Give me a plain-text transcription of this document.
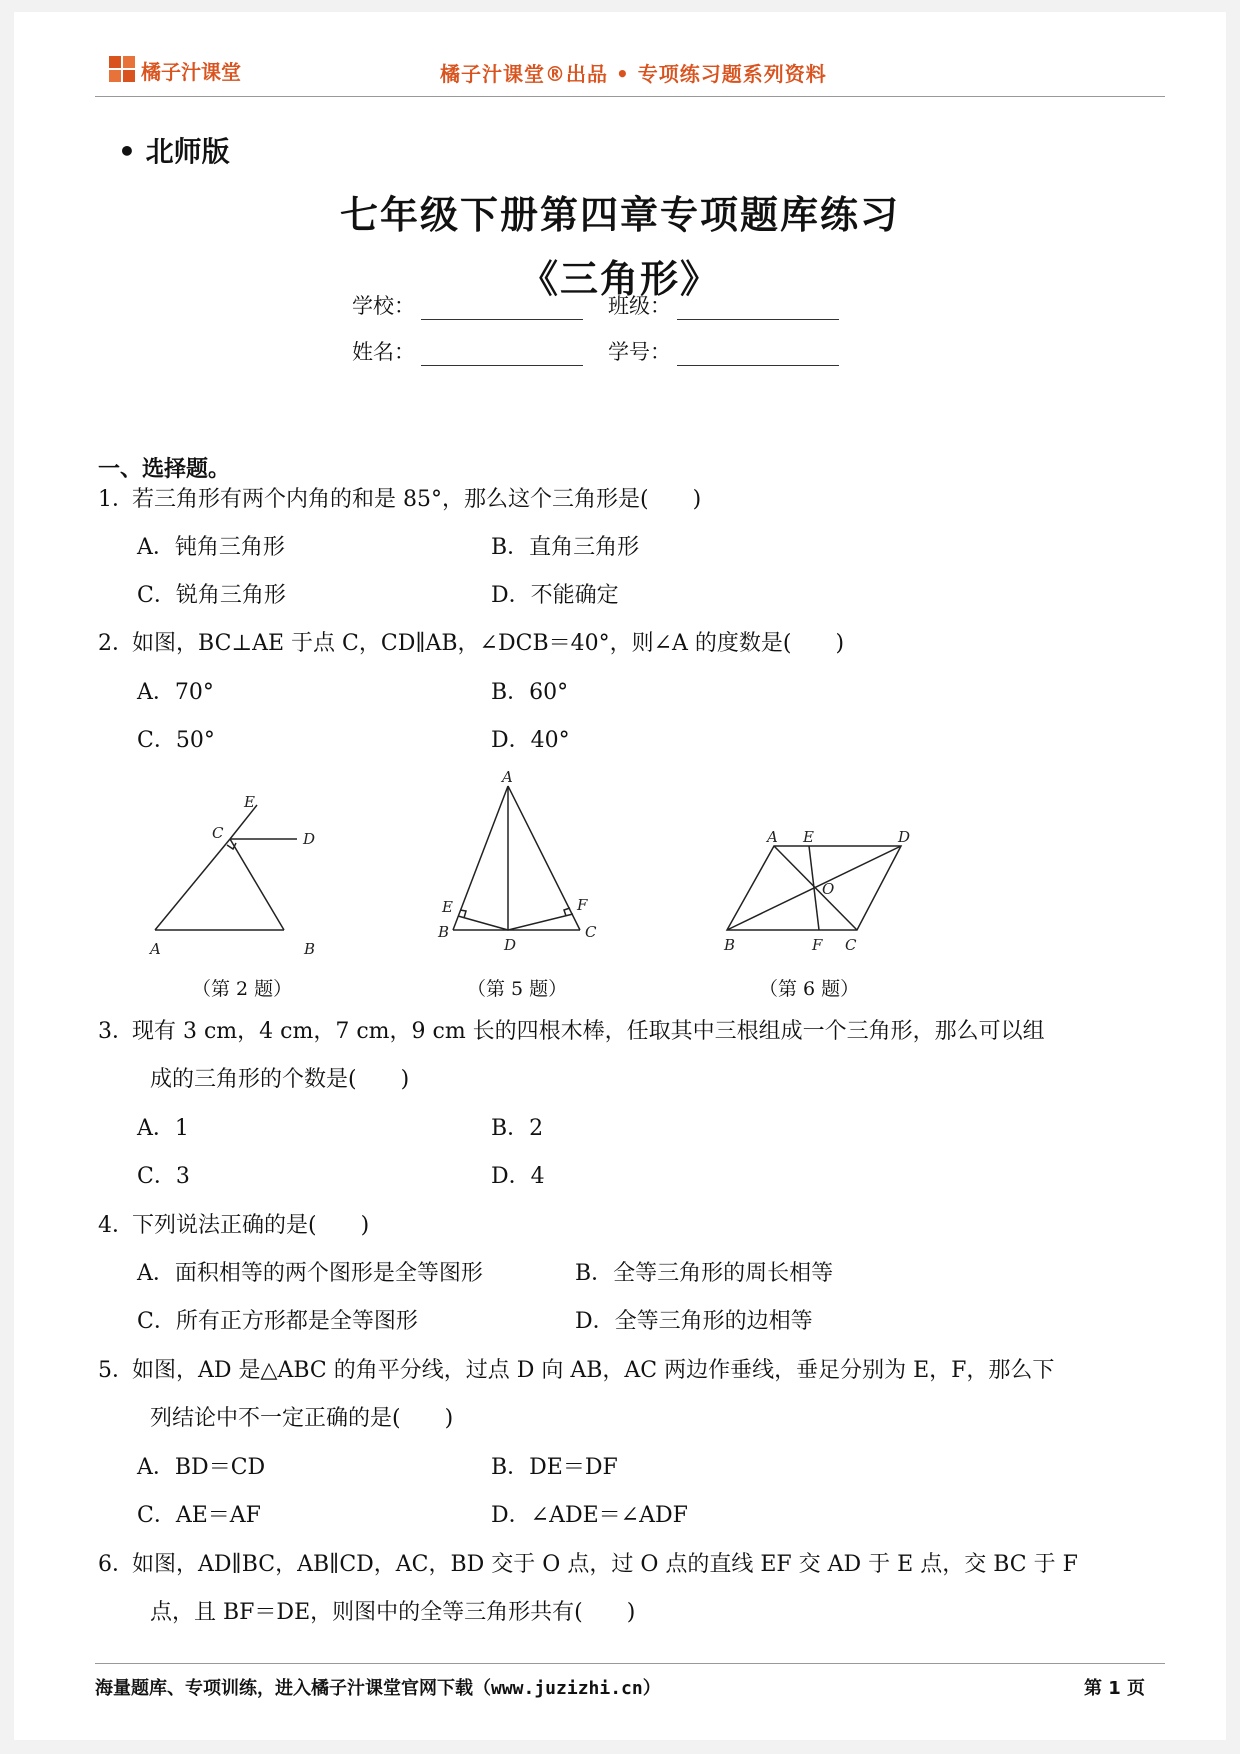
橘子汁课堂	橘子汁课堂®出品 • 专项练习题系列资料
• 北师版
七年级下册第四章专项题库练习
《三角形》
学校：	班级：
姓名：	学号：
一、选择题。
1．若三角形有两个内角的和是 85°，那么这个三角形是(　　)
A．钝角三角形	B．直角三角形
C．锐角三角形	D．不能确定
2．如图，BC⊥AE 于点 C，CD∥AB，∠DCB＝40°，则∠A 的度数是(　　)
A．70°	B．60°
C．50°	D．40°
E
C	D
A	B
A
E	F
B
D
C
A E	D
O
B	F C
（第 2 题）	（第 5 题）	（第 6 题）
3．现有 3 cm，4 cm，7 cm，9 cm 长的四根木棒，任取其中三根组成一个三角形，那么可以组
成的三角形的个数是(　　)
A．1	B．2
C．3	D．4
4．下列说法正确的是(　　)
A．面积相等的两个图形是全等图形	B．全等三角形的周长相等
C．所有正方形都是全等图形	D．全等三角形的边相等
5．如图，AD 是△ABC 的角平分线，过点 D 向 AB，AC 两边作垂线，垂足分别为 E，F，那么下
列结论中不一定正确的是(　　)
A．BD＝CD	B．DE＝DF
C．AE＝AF	D．∠ADE＝∠ADF
6．如图，AD∥BC，AB∥CD，AC，BD 交于 O 点，过 O 点的直线 EF 交 AD 于 E 点，交 BC 于 F
点，且 BF＝DE，则图中的全等三角形共有(　　)
海量题库、专项训练，进入橘子汁课堂官网下载（www.juzizhi.cn）	第 1 页
